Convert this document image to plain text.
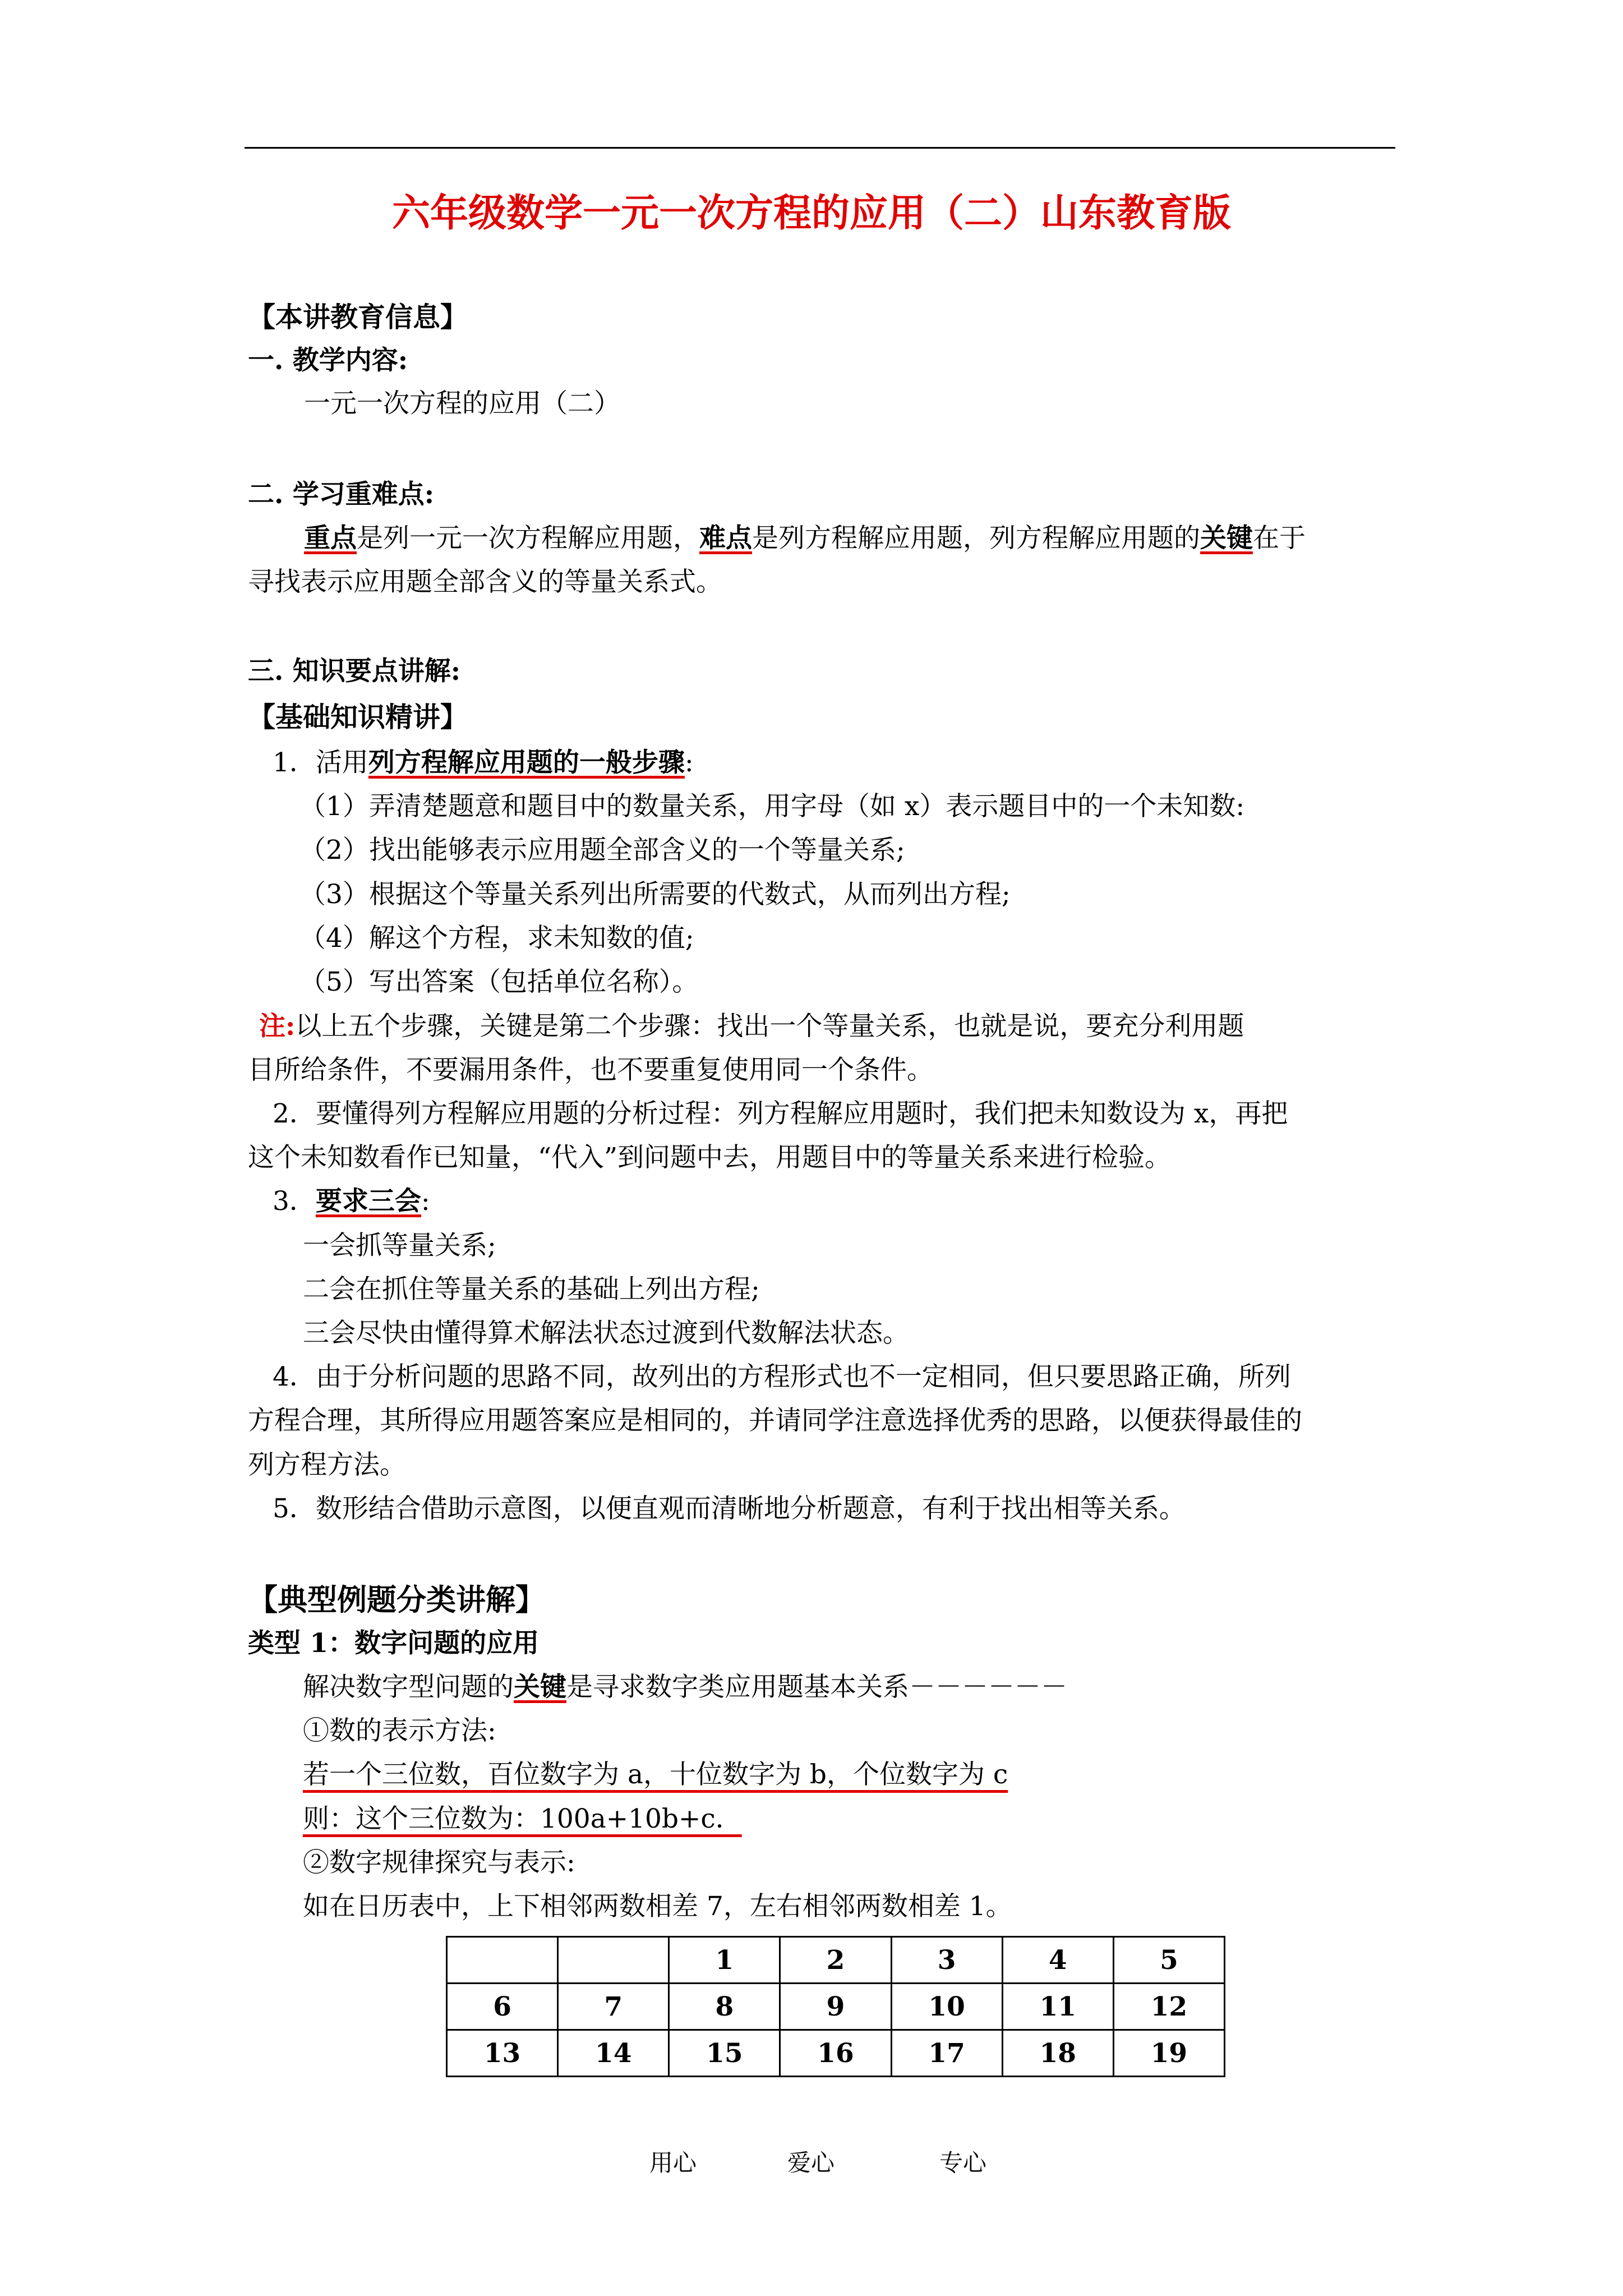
六年级数学一元一次方程的应用（二）山东教育版
【本讲教育信息】
一. 教学内容:
一元一次方程的应用（二）
二. 学习重难点:
重点是列一元一次方程解应用题，难点是列方程解应用题，列方程解应用题的关键在于
寻找表示应用题全部含义的等量关系式。
三. 知识要点讲解:
【基础知识精讲】
1．活用列方程解应用题的一般步骤:
（1）弄清楚题意和题目中的数量关系，用字母（如 x）表示题目中的一个未知数:
（2）找出能够表示应用题全部含义的一个等量关系;
（3）根据这个等量关系列出所需要的代数式，从而列出方程;
（4）解这个方程，求未知数的值;
（5）写出答案（包括单位名称）。
注:以上五个步骤，关键是第二个步骤：找出一个等量关系，也就是说，要充分利用题
目所给条件，不要漏用条件，也不要重复使用同一个条件。
2．要懂得列方程解应用题的分析过程：列方程解应用题时，我们把未知数设为 x，再把
这个未知数看作已知量，“代入”到问题中去，用题目中的等量关系来进行检验。
3．要求三会:
一会抓等量关系;
二会在抓住等量关系的基础上列出方程;
三会尽快由懂得算术解法状态过渡到代数解法状态。
4．由于分析问题的思路不同，故列出的方程形式也不一定相同，但只要思路正确，所列
方程合理，其所得应用题答案应是相同的，并请同学注意选择优秀的思路，以便获得最佳的
列方程方法。
5．数形结合借助示意图，以便直观而清晰地分析题意，有利于找出相等关系。
【典型例题分类讲解】
类型 1：数字问题的应用
解决数字型问题的关键是寻求数字类应用题基本关系－－－－－－
①数的表示方法:
若一个三位数，百位数字为 a，十位数字为 b，个位数字为 c
则：这个三位数为：100a+10b+c．
②数字规律探究与表示:
如在日历表中，上下相邻两数相差 7，左右相邻两数相差 1。
		1	2	3	4	5
6	7	8	9	10	11	12
13	14	15	16	17	18	19
用心	爱心	专心
